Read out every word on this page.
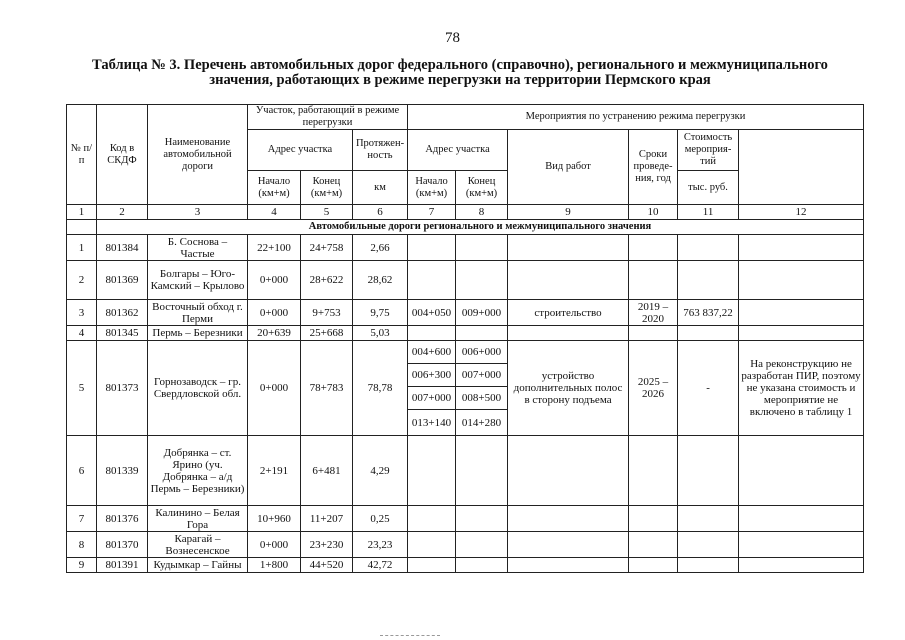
78
Таблица № 3. Перечень автомобильных дорог федерального (справочно), регионального и межмуниципального
значения, работающих в режиме перегрузки на территории Пермского края
№ п/п	Код в СКДФ	Наименование автомобильной дороги	Участок, работающий в режиме перегрузки			Мероприятия по устранению режима перегрузки	
			Адрес участка		Протяжен-ность	Адрес участка		Вид работ	Сроки проведе-ния, год	Стоимость мероприя-тий		
			Начало (км+м)	Конец (км+м)	км	Начало (км+м)	Конец (км+м)			тыс. руб.		
1	2	3	4	5	6	7	8	9	10	11	12	
	Автомобильные дороги регионального и межмуниципального значения											
1	801384	Б. Соснова – Частые	22+100	24+758	2,66							
2	801369	Болгары – Юго-Камский – Крылово	0+000	28+622	28,62							
3	801362	Восточный обход г. Перми	0+000	9+753	9,75	004+050	009+000	строительство	2019 – 2020	763 837,22		
4	801345	Пермь – Березники	20+639	25+668	5,03							
5	801373	Горнозаводск – гр. Свердловской обл.	0+000	78+783	78,78	004+600	006+000	устройство дополнительных полос в сторону подъема	2025 – 2026	-	На реконструкцию не разработан ПИР, поэтому не указана стоимость и мероприятие не включено в таблицу 1	
						006+300	007+000					
						007+000	008+500					
						013+140	014+280					
6	801339	Добрянка – ст. Ярино (уч. Добрянка – а/д Пермь – Березники)	2+191	6+481	4,29							
7	801376	Калинино – Белая Гора	10+960	11+207	0,25							
8	801370	Карагай – Вознесенское	0+000	23+230	23,23							
9	801391	Кудымкар – Гайны	1+800	44+520	42,72							
